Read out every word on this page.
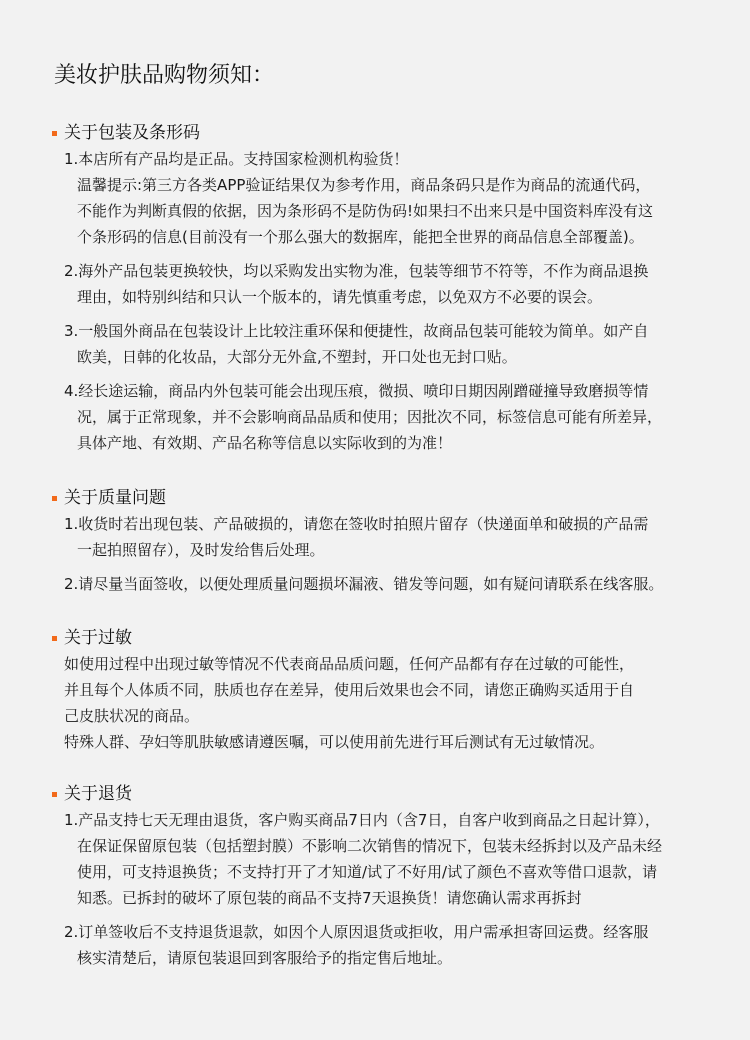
美妆护肤品购物须知：
关于包装及条形码
1.本店所有产品均是正品。支持国家检测机构验货！
温馨提示:第三方各类APP验证结果仅为参考作用，商品条码只是作为商品的流通代码，
不能作为判断真假的依据，因为条形码不是防伪码!如果扫不出来只是中国资料库没有这
个条形码的信息(目前没有一个那么强大的数据库，能把全世界的商品信息全部覆盖)。
2.海外产品包装更换较快，均以采购发出实物为准，包装等细节不符等，不作为商品退换
理由，如特别纠结和只认一个版本的，请先慎重考虑，以免双方不必要的误会。
3.一般国外商品在包装设计上比较注重环保和便捷性，故商品包装可能较为简单。如产自
欧美，日韩的化妆品，大部分无外盒,不塑封，开口处也无封口贴。
4.经长途运输，商品内外包装可能会出现压痕，微损、喷印日期因剐蹭碰撞导致磨损等情
况，属于正常现象，并不会影响商品品质和使用；因批次不同，标签信息可能有所差异，
具体产地、有效期、产品名称等信息以实际收到的为准！
关于质量问题
1.收货时若出现包装、产品破损的，请您在签收时拍照片留存（快递面单和破损的产品需
一起拍照留存），及时发给售后处理。
2.请尽量当面签收，以便处理质量问题损坏漏液、错发等问题，如有疑问请联系在线客服。
关于过敏
如使用过程中出现过敏等情况不代表商品品质问题，任何产品都有存在过敏的可能性，
并且每个人体质不同，肤质也存在差异，使用后效果也会不同，请您正确购买适用于自
己皮肤状况的商品。
特殊人群、孕妇等肌肤敏感请遵医嘱，可以使用前先进行耳后测试有无过敏情况。
关于退货
1.产品支持七天无理由退货，客户购买商品7日内（含7日，自客户收到商品之日起计算），
在保证保留原包装（包括塑封膜）不影响二次销售的情况下，包装未经拆封以及产品未经
使用，可支持退换货；不支持打开了才知道/试了不好用/试了颜色不喜欢等借口退款，请
知悉。已拆封的破坏了原包装的商品不支持7天退换货！请您确认需求再拆封
2.订单签收后不支持退货退款，如因个人原因退货或拒收，用户需承担寄回运费。经客服
核实清楚后，请原包装退回到客服给予的指定售后地址。
